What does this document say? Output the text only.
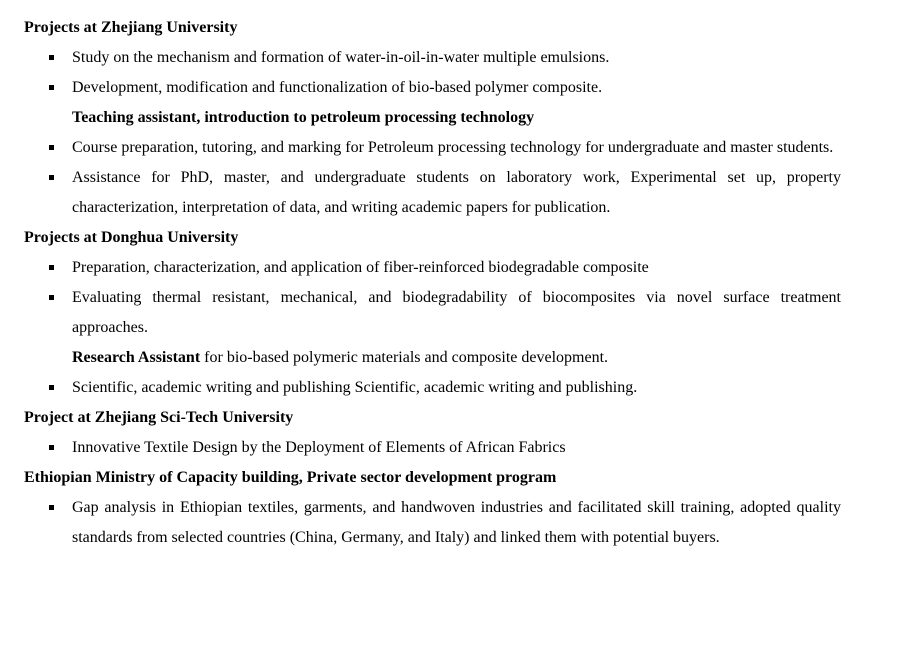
Projects at Zhejiang University
Study on the mechanism and formation of water-in-oil-in-water multiple emulsions.
Development, modification and functionalization of bio-based polymer composite.
Teaching assistant, introduction to petroleum processing technology
Course preparation, tutoring, and marking for Petroleum processing technology for undergraduate and master students.
Assistance for PhD, master, and undergraduate students on laboratory work, Experimental set up, property characterization, interpretation of data, and writing academic papers for publication.
Projects at Donghua University
Preparation, characterization, and application of fiber-reinforced biodegradable composite
Evaluating thermal resistant, mechanical, and biodegradability of biocomposites via novel surface treatment approaches.
Research Assistant for bio-based polymeric materials and composite development.
Scientific, academic writing and publishing Scientific, academic writing and publishing.
Project at Zhejiang Sci-Tech University
Innovative Textile Design by the Deployment of Elements of African Fabrics
Ethiopian Ministry of Capacity building, Private sector development program
Gap analysis in Ethiopian textiles, garments, and handwoven industries and facilitated skill training, adopted quality standards from selected countries (China, Germany, and Italy) and linked them with potential buyers.
